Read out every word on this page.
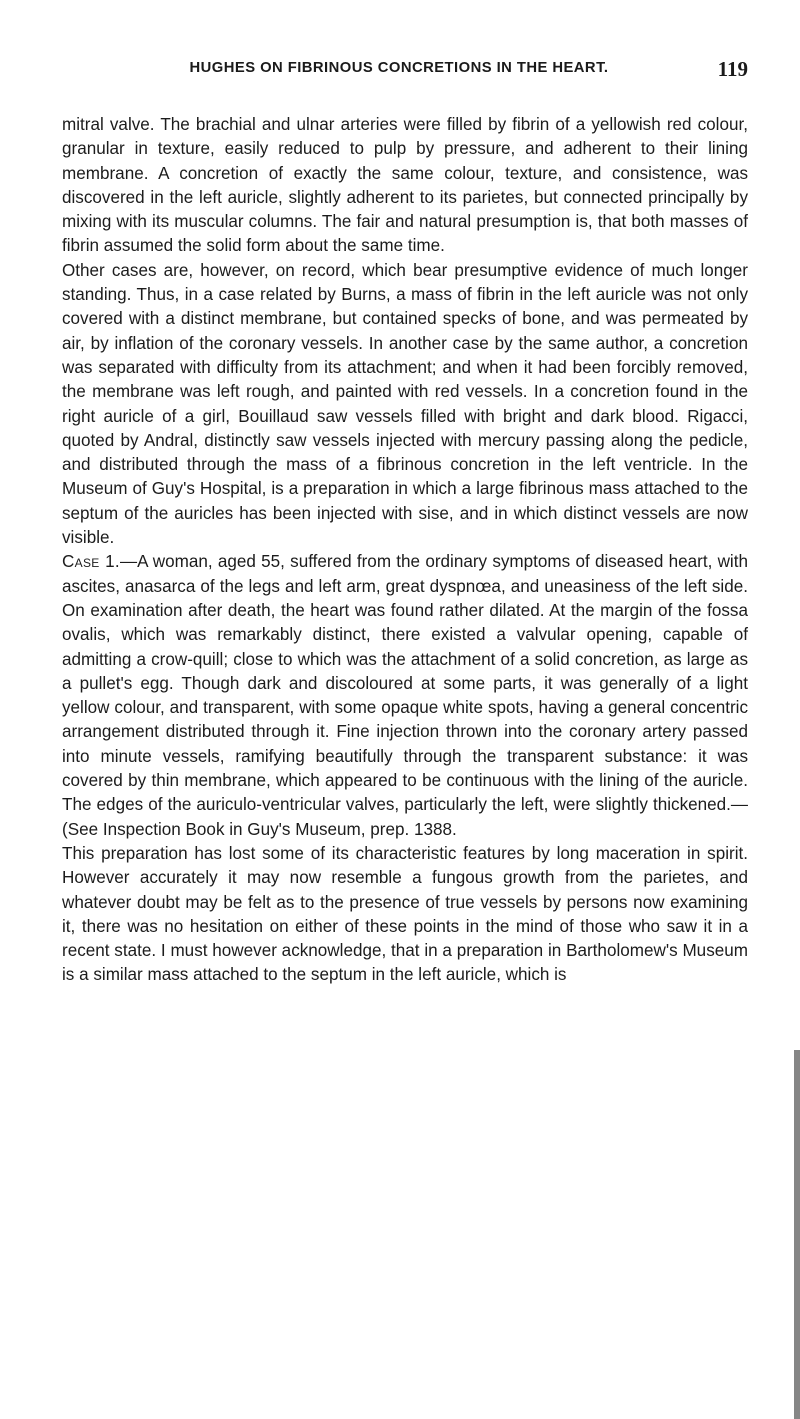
HUGHES ON FIBRINOUS CONCRETIONS IN THE HEART.	119

mitral valve. The brachial and ulnar arteries were filled by fibrin of a yellowish red colour, granular in texture, easily reduced to pulp by pressure, and adherent to their lining membrane. A concretion of exactly the same colour, texture, and consistence, was discovered in the left auricle, slightly adherent to its parietes, but connected principally by mixing with its muscular columns. The fair and natural presumption is, that both masses of fibrin assumed the solid form about the same time.

Other cases are, however, on record, which bear presumptive evidence of much longer standing. Thus, in a case related by Burns, a mass of fibrin in the left auricle was not only covered with a distinct membrane, but contained specks of bone, and was permeated by air, by inflation of the coronary vessels. In another case by the same author, a concretion was separated with difficulty from its attachment; and when it had been forcibly removed, the membrane was left rough, and painted with red vessels. In a concretion found in the right auricle of a girl, Bouillaud saw vessels filled with bright and dark blood. Rigacci, quoted by Andral, distinctly saw vessels injected with mercury passing along the pedicle, and distributed through the mass of a fibrinous concretion in the left ventricle. In the Museum of Guy's Hospital, is a preparation in which a large fibrinous mass attached to the septum of the auricles has been injected with sise, and in which distinct vessels are now visible.

Case 1.—A woman, aged 55, suffered from the ordinary symptoms of diseased heart, with ascites, anasarca of the legs and left arm, great dyspnœa, and uneasiness of the left side. On examination after death, the heart was found rather dilated. At the margin of the fossa ovalis, which was remarkably distinct, there existed a valvular opening, capable of admitting a crow-quill; close to which was the attachment of a solid concretion, as large as a pullet's egg. Though dark and discoloured at some parts, it was generally of a light yellow colour, and transparent, with some opaque white spots, having a general concentric arrangement distributed through it. Fine injection thrown into the coronary artery passed into minute vessels, ramifying beautifully through the transparent substance: it was covered by thin membrane, which appeared to be continuous with the lining of the auricle. The edges of the auriculo-ventricular valves, particularly the left, were slightly thickened.—(See Inspection Book in Guy's Museum, prep. 1388.

This preparation has lost some of its characteristic features by long maceration in spirit. However accurately it may now resemble a fungous growth from the parietes, and whatever doubt may be felt as to the presence of true vessels by persons now examining it, there was no hesitation on either of these points in the mind of those who saw it in a recent state. I must however acknowledge, that in a preparation in Bartholomew's Museum is a similar mass attached to the septum in the left auricle, which is
